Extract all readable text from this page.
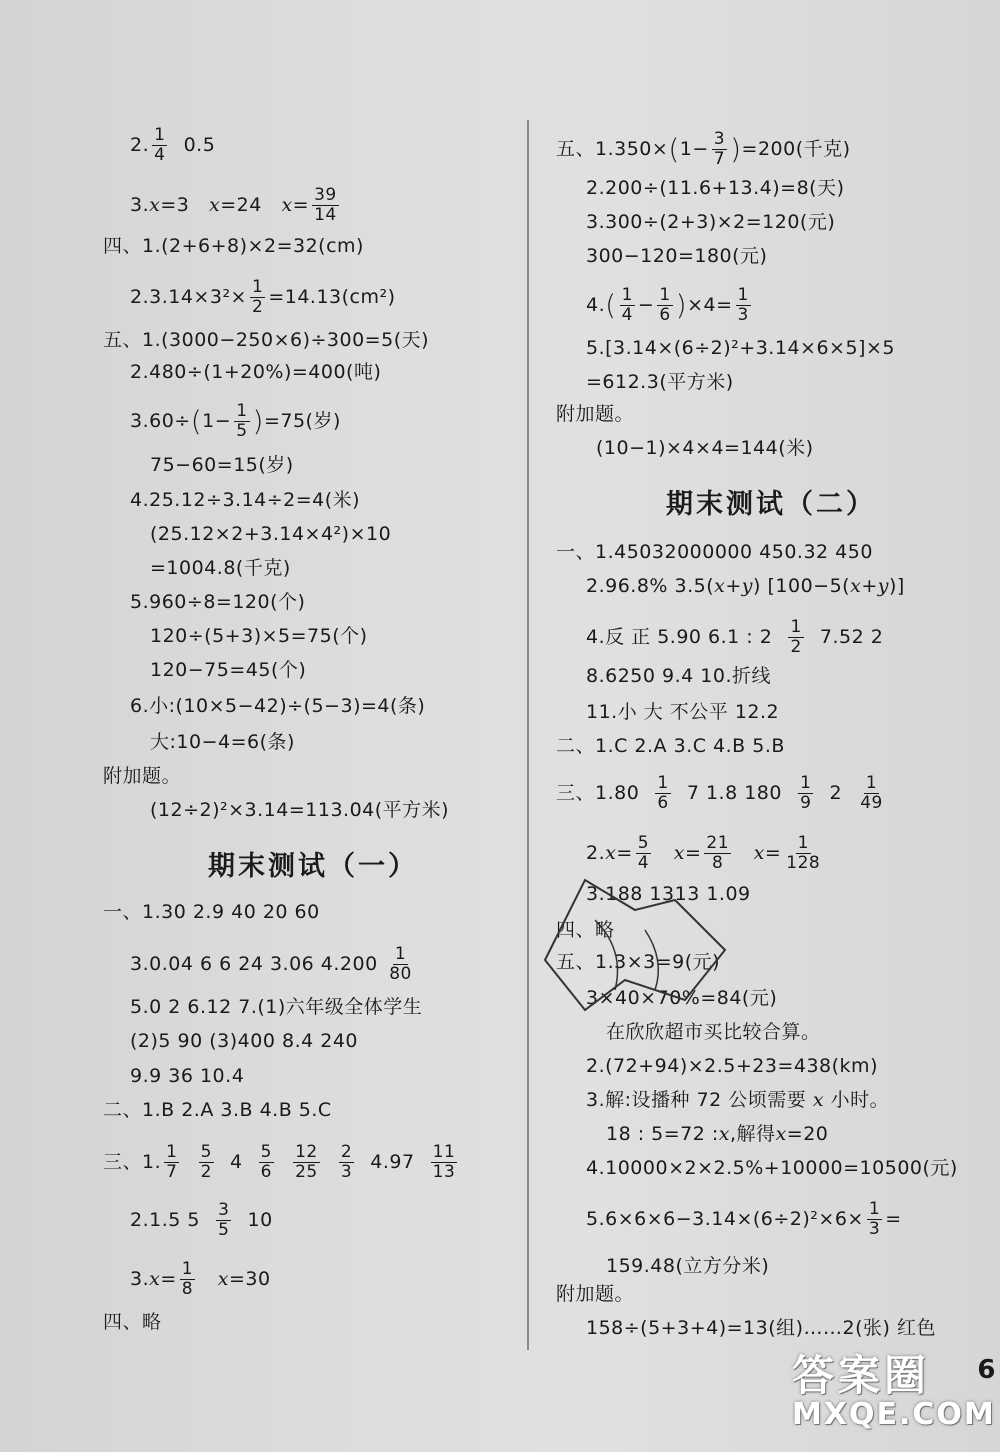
2. $\frac{1}{4} 0.5$
3.x=3 x=24 $x= \frac{39}{14}$
四、1.(2+6+8)×2=32(cm)
$2.3.14\times 3^2\times \frac{1}{2} =14.13(cm^2)$
五、1.(3000−250×6)÷300=5(天)
2.480÷(1+20%)=400(吨)
$3.60\div(1- \frac{1}{5} )=75$(岁)
75−60=15(岁)
4.25.12÷3.14÷2=4(米)
(25.12×2+3.14×4²)×10
=1004.8(千克)
5.960÷8=120(个)
120÷(5+3)×5=75(个)
120−75=45(个)
6.小:(10×5−42)÷(5−3)=4(条)
大:10−4=6(条)
附加题。
(12÷2)²×3.14=113.04(平方米)
期末测试（一）
一、1.30 2.9 40 20 60
3.0.04 6 6 24 3.06 $4.200 \frac{1}{80}$
5.0 2 6.12 7.(1)六年级全体学生
(2)5 90 (3)400 8.4 240
9.9 36 10.4
二、1.B 2.A 3.B 4.B 5.C
三、1. $\frac{1}{7}$
$\frac{5}{2} 4 \frac{5}{6}$
$\frac{12}{25}$
$\frac{2}{3} 4.97 \frac{11}{13}$
2.1.5 $5 \frac{3}{5} 10$
$3.x= \frac{1}{8} x=30$
四、略
五、$1.350\times(1- \frac{3}{7} )=200$(千克)
2.200÷(11.6+13.4)=8(天)
3.300÷(2+3)×2=120(元)
300−120=180(元)
$4.( \frac{1}{4} - \frac{1}{6} )\times 4= \frac{1}{3}$
5.[3.14×(6÷2)²+3.14×6×5]×5
=612.3(平方米)
附加题。
(10−1)×4×4=144(米)
期末测试（二）
一、1.45032000000 450.32 450
2.96.8% 3.5(x+y) [100−5(x+y)]
4.反 正 5.90 6.1 : $2 \frac{1}{2} 7.52$ 2
8.6250 9.4 10.折线
11.小 大 不公平 12.2
二、1.C 2.A 3.C 4.B 5.B
三、$1.80 \frac{1}{6} 7$ 1.8 $180 \frac{1}{9} 2 \frac{1}{49}$
$2.x= \frac{5}{4} x= \frac{21}{8} x= \frac{1}{128}$
3.188 1313 1.09
四、略
五、1.3×3=9(元)
3×40×70%=84(元)
在欣欣超市买比较合算。
2.(72+94)×2.5+23=438(km)
3.解:设播种 72 公顷需要 x 小时。
18 : 5=72 :x,解得x=20
4.10000×2×2.5%+10000=10500(元)
$5.6\times 6\times 6-3.14\times(6\div 2)^2\times 6\times \frac{1}{3}$ =
159.48(立方分米)
附加题。
158÷(5+3+4)=13(组)……2(张) 红色
6
答案圈
MXQE.COM
